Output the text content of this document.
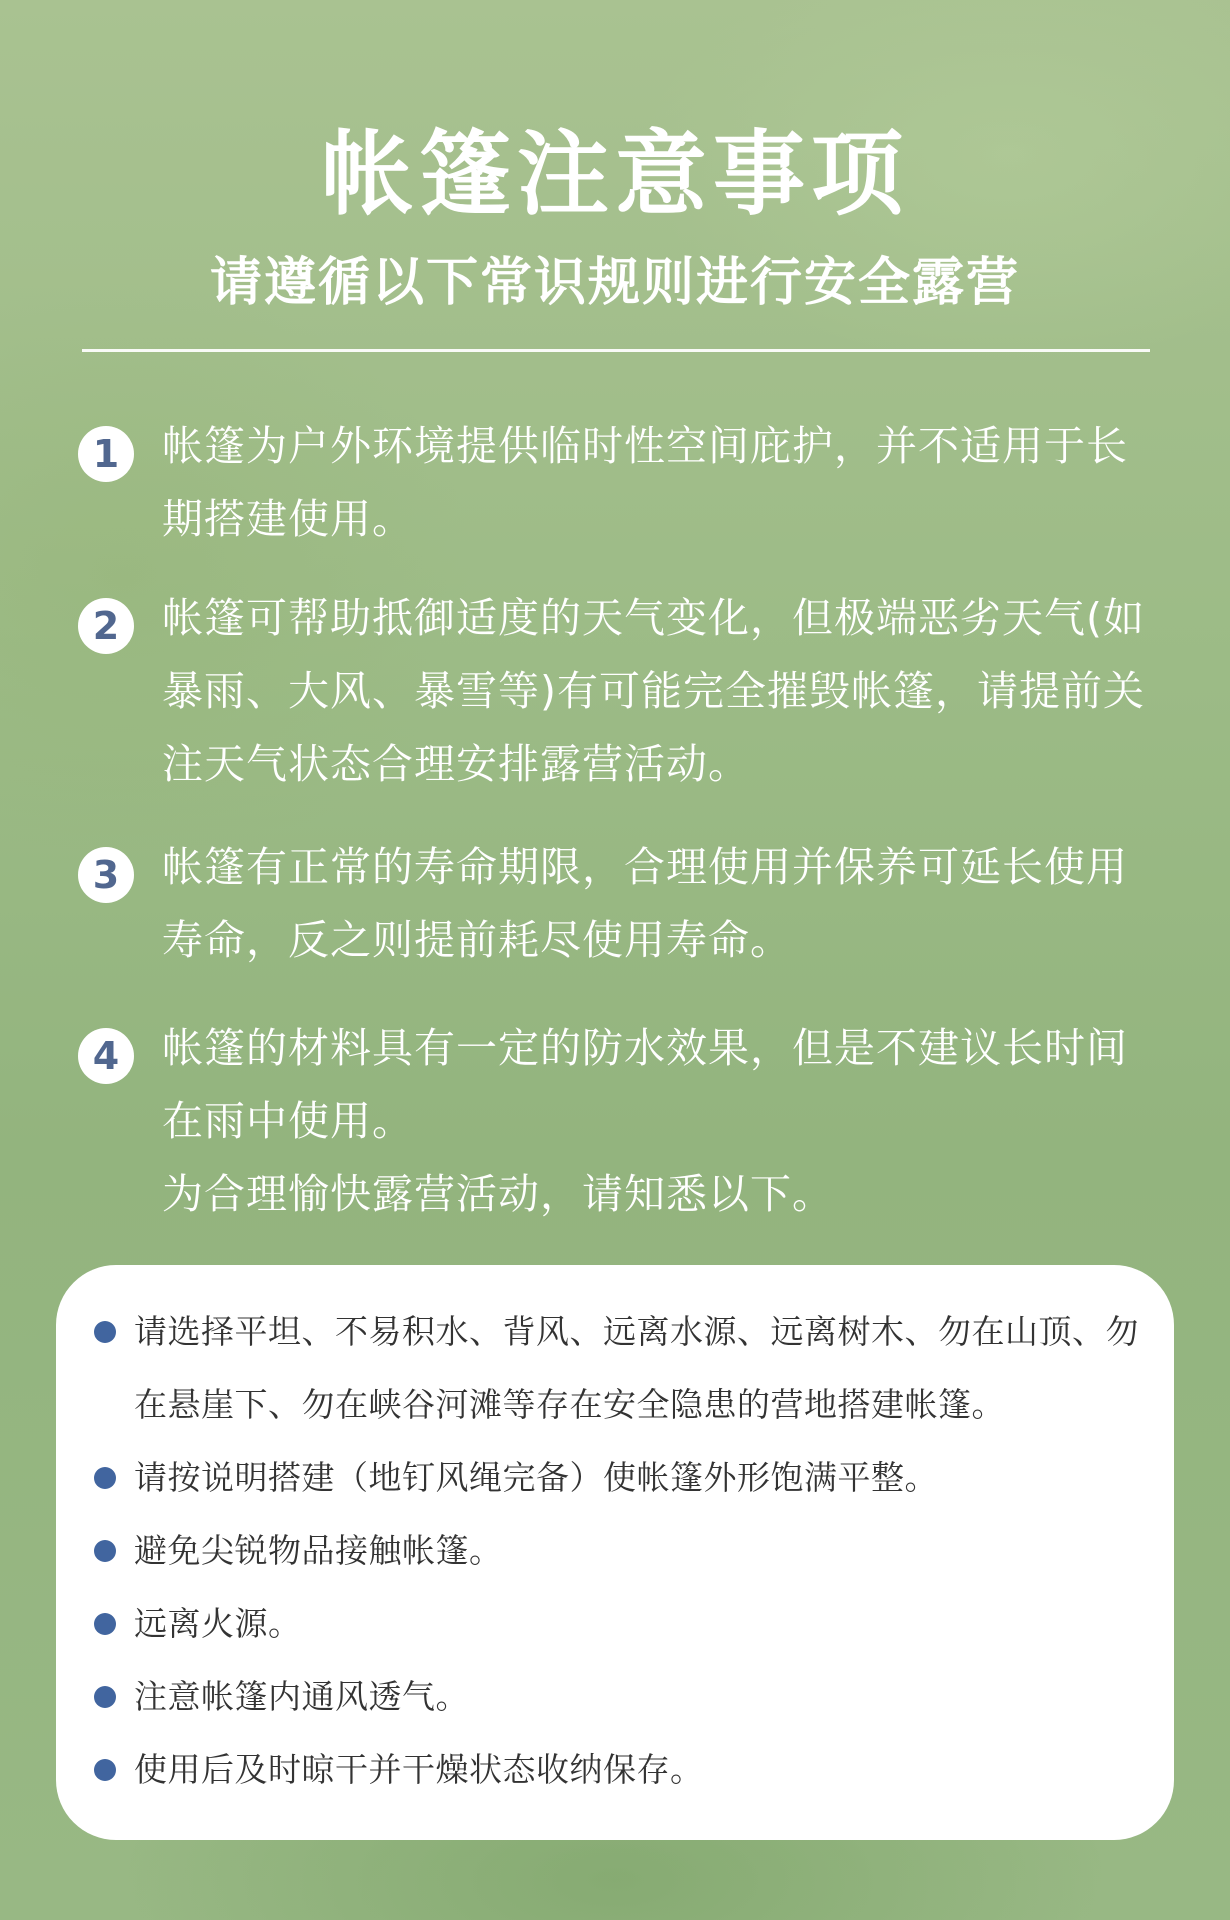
帐篷注意事项
请遵循以下常识规则进行安全露营
1	帐篷为户外环境提供临时性空间庇护，并不适用于长期搭建使用。

2	帐篷可帮助抵御适度的天气变化，但极端恶劣天气(如暴雨、大风、暴雪等)有可能完全摧毁帐篷，请提前关注天气状态合理安排露营活动。

3	帐篷有正常的寿命期限，合理使用并保养可延长使用寿命，反之则提前耗尽使用寿命。

4	帐篷的材料具有一定的防水效果，但是不建议长时间在雨中使用。

为合理愉快露营活动，请知悉以下。

请选择平坦、不易积水、背风、远离水源、远离树木、勿在山顶、勿在悬崖下、勿在峡谷河滩等存在安全隐患的营地搭建帐篷。
请按说明搭建（地钉风绳完备）使帐篷外形饱满平整。
避免尖锐物品接触帐篷。
远离火源。
注意帐篷内通风透气。
使用后及时晾干并干燥状态收纳保存。
